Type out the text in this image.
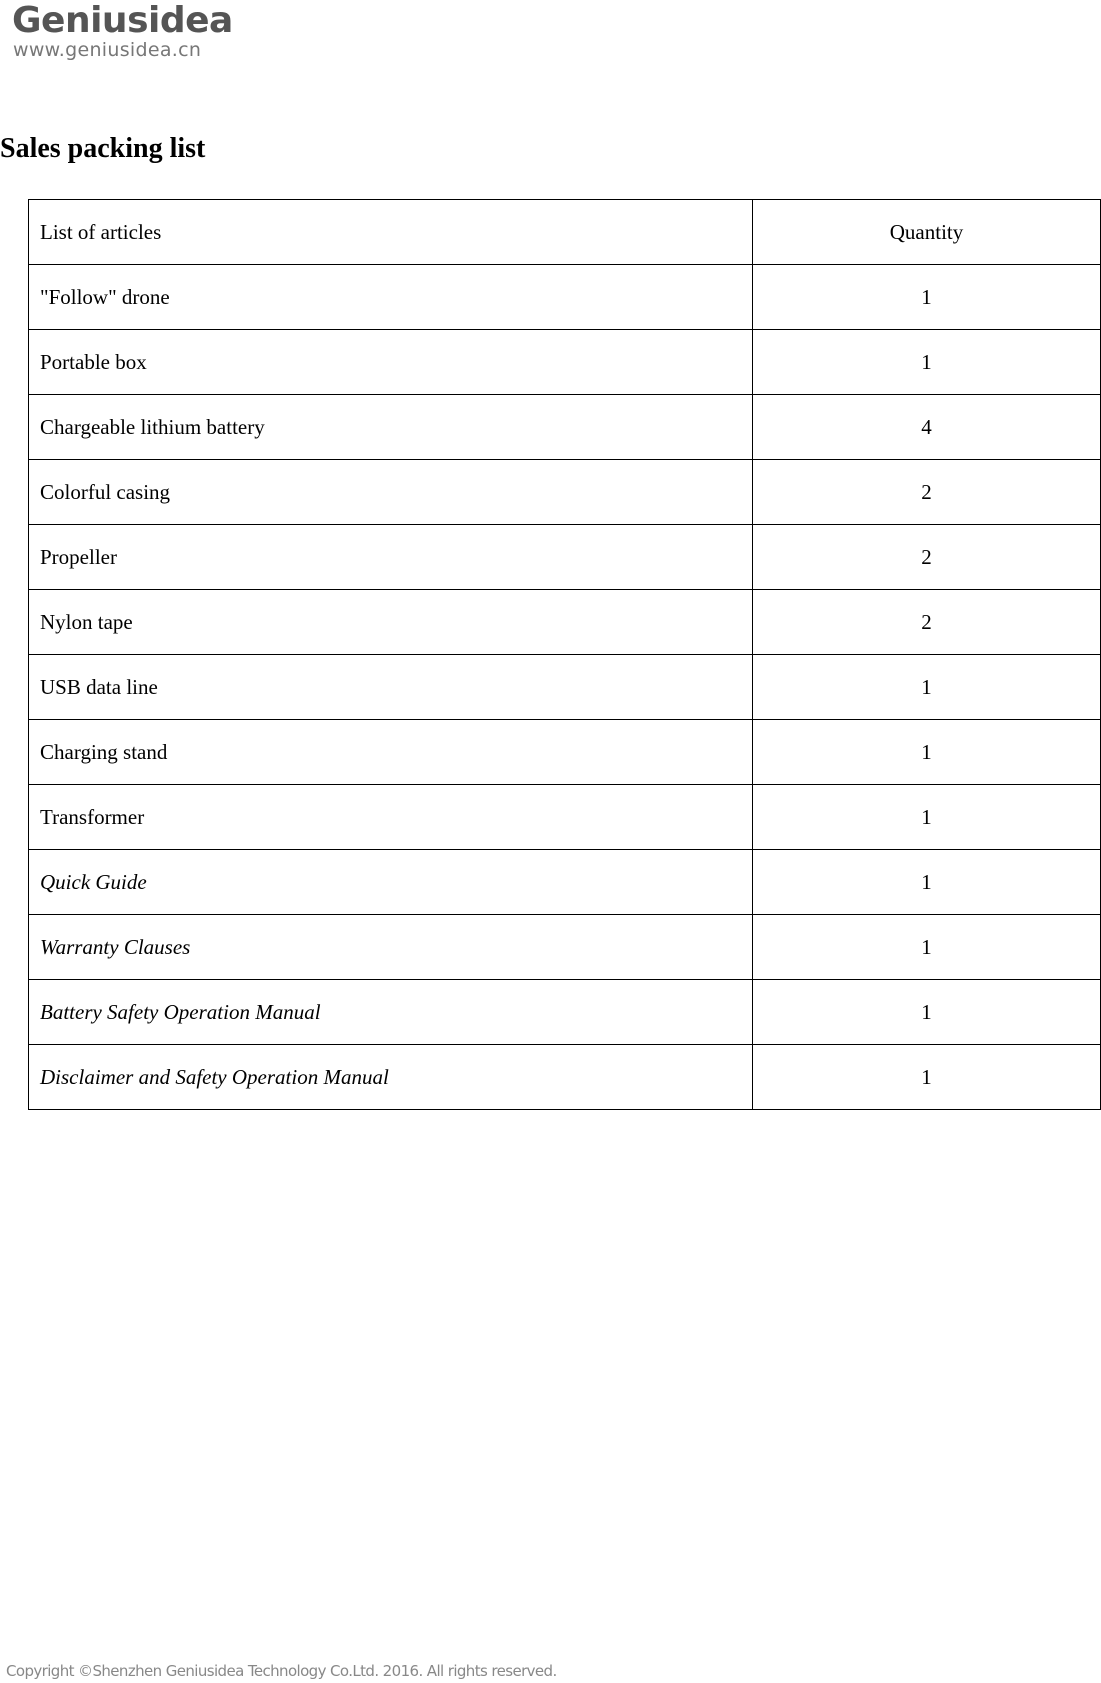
Geniusidea
www.geniusidea.cn
Sales packing list
List of articles	Quantity
"Follow" drone	1
Portable box	1
Chargeable lithium battery	4
Colorful casing	2
Propeller	2
Nylon tape	2
USB data line	1
Charging stand	1
Transformer	1
Quick Guide	1
Warranty Clauses	1
Battery Safety Operation Manual	1
Disclaimer and Safety Operation Manual	1
Copyright ©Shenzhen Geniusidea Technology Co.Ltd. 2016. All rights reserved.
